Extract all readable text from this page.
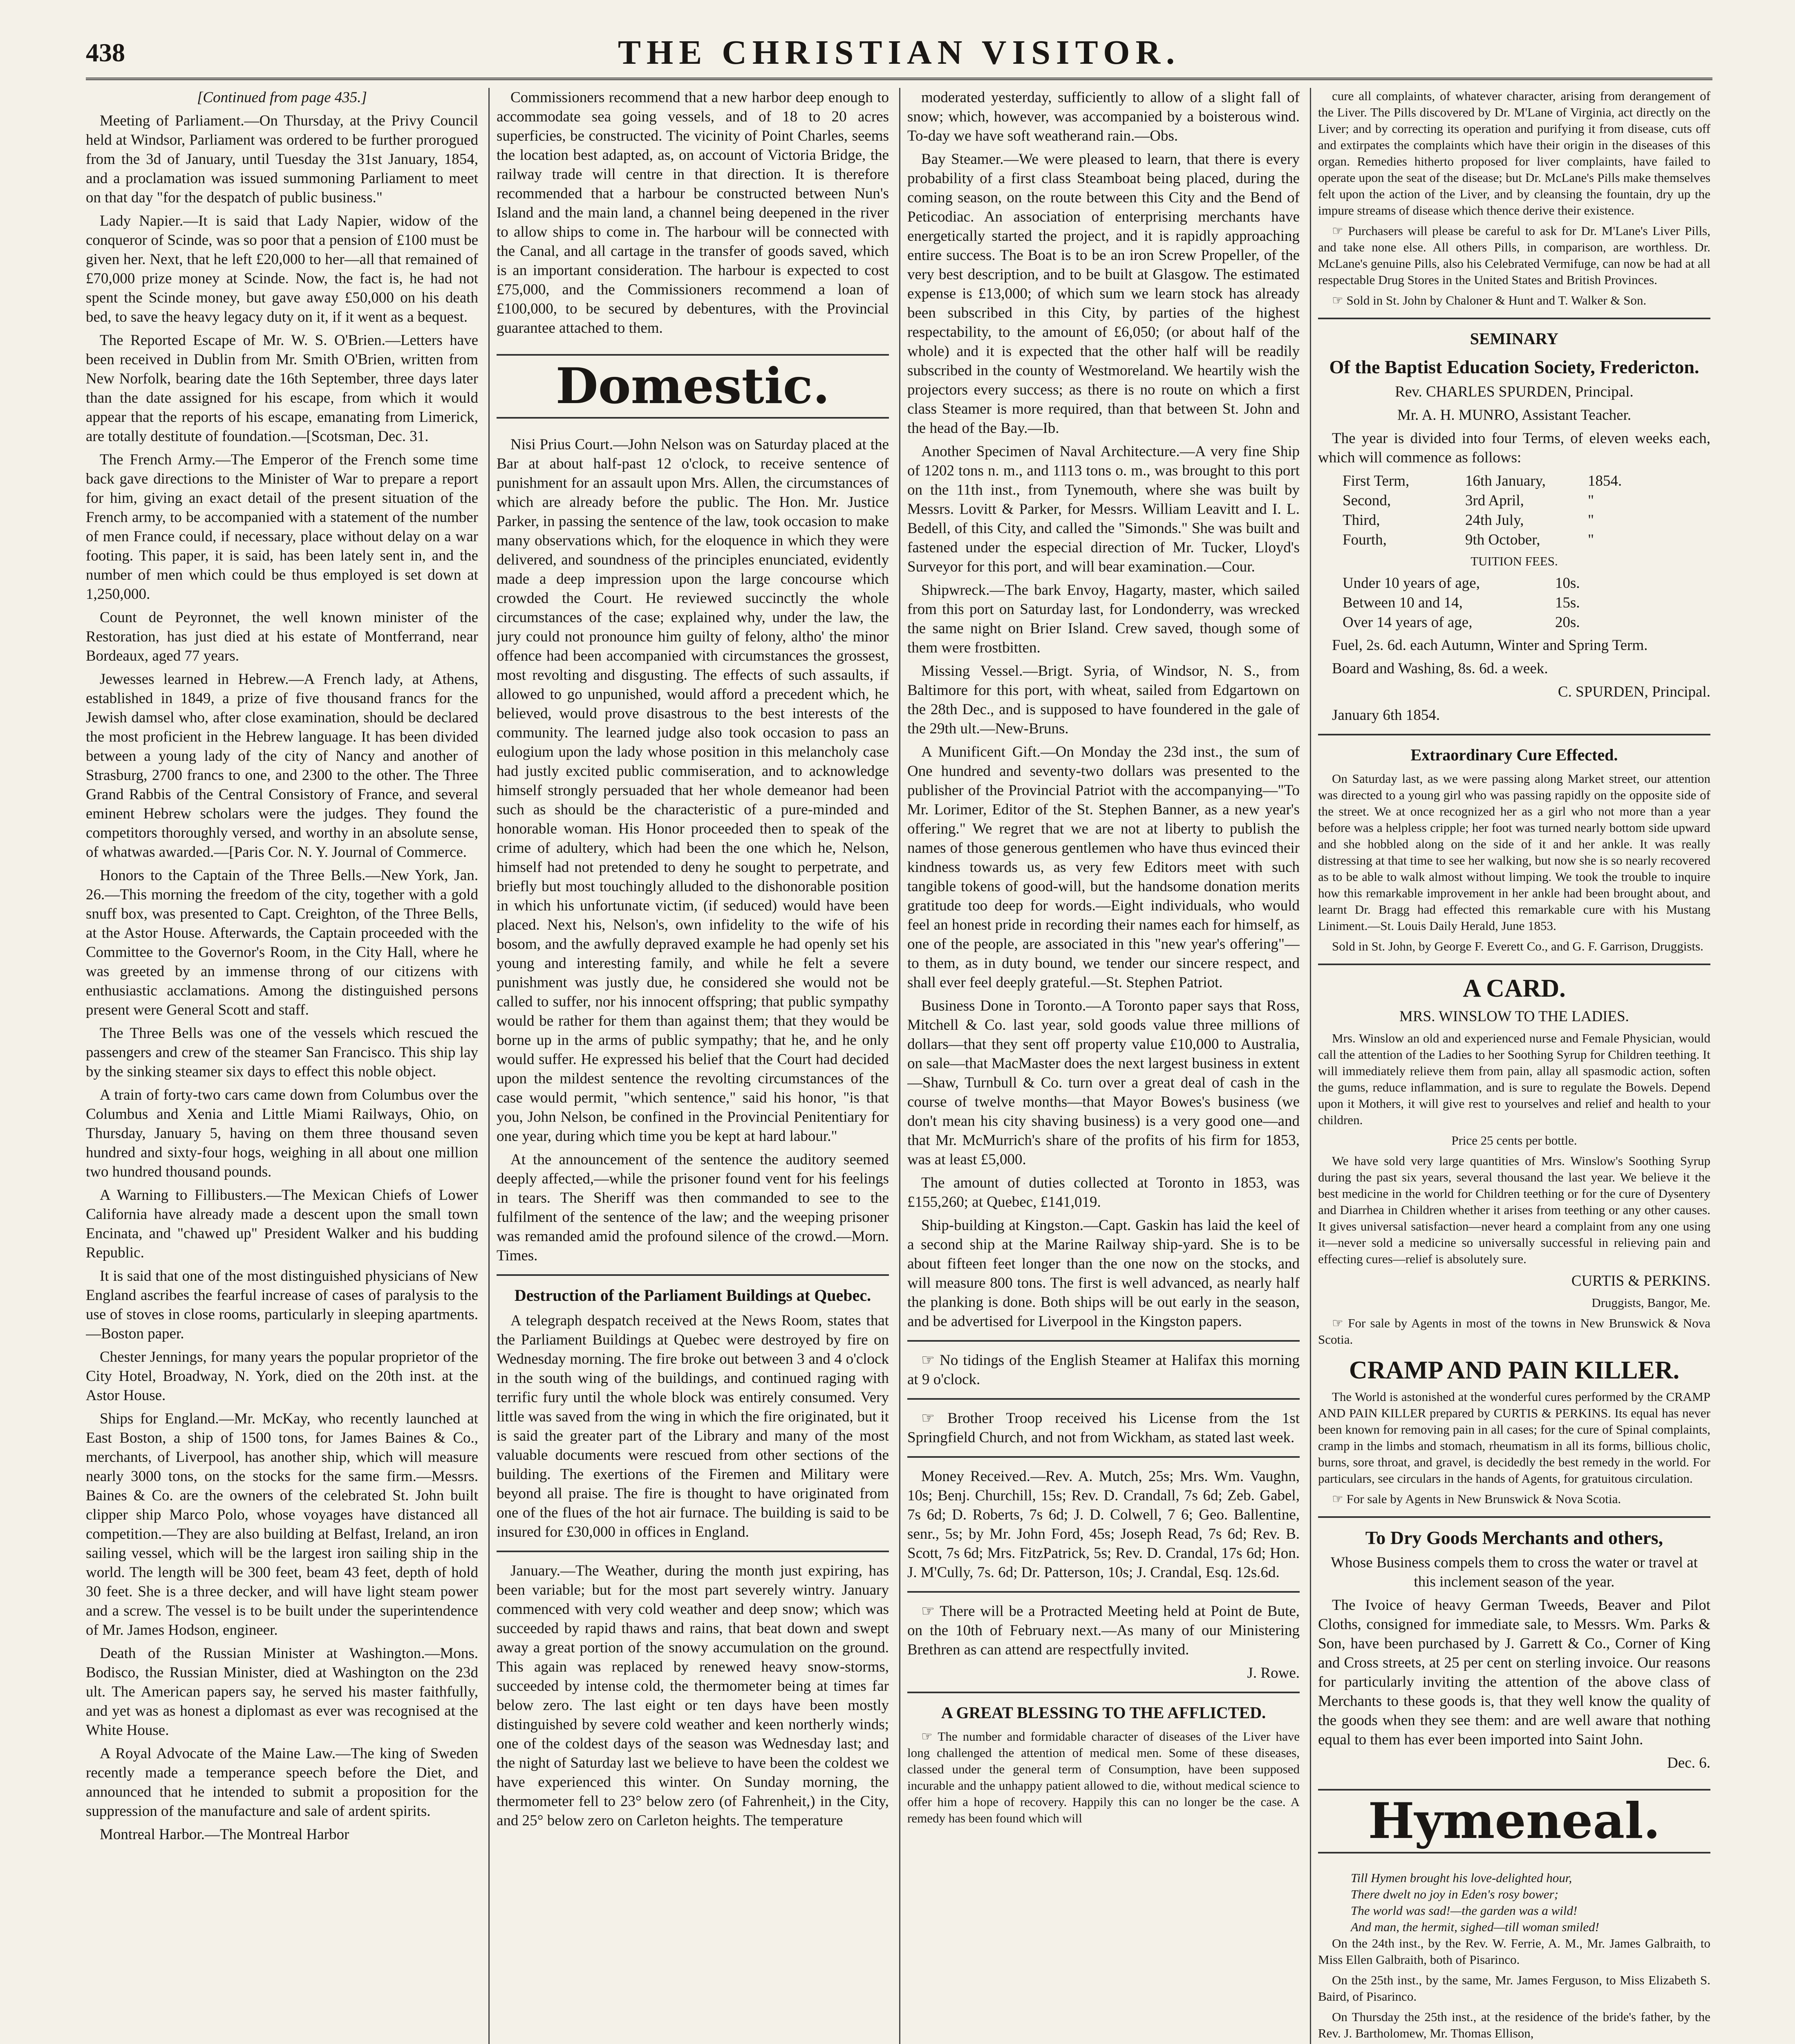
438	THE CHRISTIAN VISITOR.

[Continued from page 435.]

Meeting of Parliament.—On Thursday, at the Privy Council held at Windsor, Parliament was ordered to be further prorogued from the 3d of January, until Tuesday the 31st January, 1854, and a proclamation was issued summoning Parliament to meet on that day "for the despatch of public business."

Lady Napier.—It is said that Lady Napier, widow of the conqueror of Scinde, was so poor that a pension of £100 must be given her. Next, that he left £20,000 to her—all that remained of £70,000 prize money at Scinde. Now, the fact is, he had not spent the Scinde money, but gave away £50,000 on his death bed, to save the heavy legacy duty on it, if it went as a bequest.

The Reported Escape of Mr. W. S. O'Brien.—Letters have been received in Dublin from Mr. Smith O'Brien, written from New Norfolk, bearing date the 16th September, three days later than the date assigned for his escape, from which it would appear that the reports of his escape, emanating from Limerick, are totally destitute of foundation.—[Scotsman, Dec. 31.

The French Army.—The Emperor of the French some time back gave directions to the Minister of War to prepare a report for him, giving an exact detail of the present situation of the French army, to be accompanied with a statement of the number of men France could, if necessary, place without delay on a war footing. This paper, it is said, has been lately sent in, and the number of men which could be thus employed is set down at 1,250,000.

Count de Peyronnet, the well known minister of the Restoration, has just died at his estate of Montferrand, near Bordeaux, aged 77 years.

Jewesses learned in Hebrew.—A French lady, at Athens, established in 1849, a prize of five thousand francs for the Jewish damsel who, after close examination, should be declared the most proficient in the Hebrew language. It has been divided between a young lady of the city of Nancy and another of Strasburg, 2700 francs to one, and 2300 to the other. The Three Grand Rabbis of the Central Consistory of France, and several eminent Hebrew scholars were the judges. They found the competitors thoroughly versed, and worthy in an absolute sense, of whatwas awarded.—[Paris Cor. N. Y. Journal of Commerce.

Honors to the Captain of the Three Bells.—New York, Jan. 26.—This morning the freedom of the city, together with a gold snuff box, was presented to Capt. Creighton, of the Three Bells, at the Astor House. Afterwards, the Captain proceeded with the Committee to the Governor's Room, in the City Hall, where he was greeted by an immense throng of our citizens with enthusiastic acclamations. Among the distinguished persons present were General Scott and staff.

The Three Bells was one of the vessels which rescued the passengers and crew of the steamer San Francisco. This ship lay by the sinking steamer six days to effect this noble object.

A train of forty-two cars came down from Columbus over the Columbus and Xenia and Little Miami Railways, Ohio, on Thursday, January 5, having on them three thousand seven hundred and sixty-four hogs, weighing in all about one million two hundred thousand pounds.

A Warning to Fillibusters.—The Mexican Chiefs of Lower California have already made a descent upon the small town Encinata, and "chawed up" President Walker and his budding Republic.

It is said that one of the most distinguished physicians of New England ascribes the fearful increase of cases of paralysis to the use of stoves in close rooms, particularly in sleeping apartments.—Boston paper.

Chester Jennings, for many years the popular proprietor of the City Hotel, Broadway, N. York, died on the 20th inst. at the Astor House.

Ships for England.—Mr. McKay, who recently launched at East Boston, a ship of 1500 tons, for James Baines & Co., merchants, of Liverpool, has another ship, which will measure nearly 3000 tons, on the stocks for the same firm.—Messrs. Baines & Co. are the owners of the celebrated St. John built clipper ship Marco Polo, whose voyages have distanced all competition.—They are also building at Belfast, Ireland, an iron sailing vessel, which will be the largest iron sailing ship in the world. The length will be 300 feet, beam 43 feet, depth of hold 30 feet. She is a three decker, and will have light steam power and a screw. The vessel is to be built under the superintendence of Mr. James Hodson, engineer.

Death of the Russian Minister at Washington.—Mons. Bodisco, the Russian Minister, died at Washington on the 23d ult. The American papers say, he served his master faithfully, and yet was as honest a diplomast as ever was recognised at the White House.

A Royal Advocate of the Maine Law.—The king of Sweden recently made a temperance speech before the Diet, and announced that he intended to submit a proposition for the suppression of the manufacture and sale of ardent spirits.

Montreal Harbor.—The Montreal Harbor

Commissioners recommend that a new harbor deep enough to accommodate sea going vessels, and of 18 to 20 acres superficies, be constructed. The vicinity of Point Charles, seems the location best adapted, as, on account of Victoria Bridge, the railway trade will centre in that direction. It is therefore recommended that a harbour be constructed between Nun's Island and the main land, a channel being deepened in the river to allow ships to come in. The harbour will be connected with the Canal, and all cartage in the transfer of goods saved, which is an important consideration. The harbour is expected to cost £75,000, and the Commissioners recommend a loan of £100,000, to be secured by debentures, with the Provincial guarantee attached to them.

Domestic.

Nisi Prius Court.—John Nelson was on Saturday placed at the Bar at about half-past 12 o'clock, to receive sentence of punishment for an assault upon Mrs. Allen, the circumstances of which are already before the public. The Hon. Mr. Justice Parker, in passing the sentence of the law, took occasion to make many observations which, for the eloquence in which they were delivered, and soundness of the principles enunciated, evidently made a deep impression upon the large concourse which crowded the Court. He reviewed succinctly the whole circumstances of the case; explained why, under the law, the jury could not pronounce him guilty of felony, altho' the minor offence had been accompanied with circumstances the grossest, most revolting and disgusting. The effects of such assaults, if allowed to go unpunished, would afford a precedent which, he believed, would prove disastrous to the best interests of the community. The learned judge also took occasion to pass an eulogium upon the lady whose position in this melancholy case had justly excited public commiseration, and to acknowledge himself strongly persuaded that her whole demeanor had been such as should be the characteristic of a pure-minded and honorable woman. His Honor proceeded then to speak of the crime of adultery, which had been the one which he, Nelson, himself had not pretended to deny he sought to perpetrate, and briefly but most touchingly alluded to the dishonorable position in which his unfortunate victim, (if seduced) would have been placed. Next his, Nelson's, own infidelity to the wife of his bosom, and the awfully depraved example he had openly set his young and interesting family, and while he felt a severe punishment was justly due, he considered she would not be called to suffer, nor his innocent offspring; that public sympathy would be rather for them than against them; that they would be borne up in the arms of public sympathy; that he, and he only would suffer. He expressed his belief that the Court had decided upon the mildest sentence the revolting circumstances of the case would permit, "which sentence," said his honor, "is that you, John Nelson, be confined in the Provincial Penitentiary for one year, during which time you be kept at hard labour."

At the announcement of the sentence the auditory seemed deeply affected,—while the prisoner found vent for his feelings in tears. The Sheriff was then commanded to see to the fulfilment of the sentence of the law; and the weeping prisoner was remanded amid the profound silence of the crowd.—Morn. Times.

Destruction of the Parliament Buildings at Quebec.

A telegraph despatch received at the News Room, states that the Parliament Buildings at Quebec were destroyed by fire on Wednesday morning. The fire broke out between 3 and 4 o'clock in the south wing of the buildings, and continued raging with terrific fury until the whole block was entirely consumed. Very little was saved from the wing in which the fire originated, but it is said the greater part of the Library and many of the most valuable documents were rescued from other sections of the building. The exertions of the Firemen and Military were beyond all praise. The fire is thought to have originated from one of the flues of the hot air furnace. The building is said to be insured for £30,000 in offices in England.

January.—The Weather, during the month just expiring, has been variable; but for the most part severely wintry. January commenced with very cold weather and deep snow; which was succeeded by rapid thaws and rains, that beat down and swept away a great portion of the snowy accumulation on the ground. This again was replaced by renewed heavy snow-storms, succeeded by intense cold, the thermometer being at times far below zero. The last eight or ten days have been mostly distinguished by severe cold weather and keen northerly winds; one of the coldest days of the season was Wednesday last; and the night of Saturday last we believe to have been the coldest we have experienced this winter. On Sunday morning, the thermometer fell to 23° below zero (of Fahrenheit,) in the City, and 25° below zero on Carleton heights. The temperature

moderated yesterday, sufficiently to allow of a slight fall of snow; which, however, was accompanied by a boisterous wind. To-day we have soft weatherand rain.—Obs.

Bay Steamer.—We were pleased to learn, that there is every probability of a first class Steamboat being placed, during the coming season, on the route between this City and the Bend of Peticodiac. An association of enterprising merchants have energetically started the project, and it is rapidly approaching entire success. The Boat is to be an iron Screw Propeller, of the very best description, and to be built at Glasgow. The estimated expense is £13,000; of which sum we learn stock has already been subscribed in this City, by parties of the highest respectability, to the amount of £6,050; (or about half of the whole) and it is expected that the other half will be readily subscribed in the county of Westmoreland. We heartily wish the projectors every success; as there is no route on which a first class Steamer is more required, than that between St. John and the head of the Bay.—Ib.

Another Specimen of Naval Architecture.—A very fine Ship of 1202 tons n. m., and 1113 tons o. m., was brought to this port on the 11th inst., from Tynemouth, where she was built by Messrs. Lovitt & Parker, for Messrs. William Leavitt and I. L. Bedell, of this City, and called the "Simonds." She was built and fastened under the especial direction of Mr. Tucker, Lloyd's Surveyor for this port, and will bear examination.—Cour.

Shipwreck.—The bark Envoy, Hagarty, master, which sailed from this port on Saturday last, for Londonderry, was wrecked the same night on Brier Island. Crew saved, though some of them were frostbitten.

Missing Vessel.—Brigt. Syria, of Windsor, N. S., from Baltimore for this port, with wheat, sailed from Edgartown on the 28th Dec., and is supposed to have foundered in the gale of the 29th ult.—New-Bruns.

A Munificent Gift.—On Monday the 23d inst., the sum of One hundred and seventy-two dollars was presented to the publisher of the Provincial Patriot with the accompanying—"To Mr. Lorimer, Editor of the St. Stephen Banner, as a new year's offering." We regret that we are not at liberty to publish the names of those generous gentlemen who have thus evinced their kindness towards us, as very few Editors meet with such tangible tokens of good-will, but the handsome donation merits gratitude too deep for words.—Eight individuals, who would feel an honest pride in recording their names each for himself, as one of the people, are associated in this "new year's offering"—to them, as in duty bound, we tender our sincere respect, and shall ever feel deeply grateful.—St. Stephen Patriot.

Business Done in Toronto.—A Toronto paper says that Ross, Mitchell & Co. last year, sold goods value three millions of dollars—that they sent off property value £10,000 to Australia, on sale—that MacMaster does the next largest business in extent—Shaw, Turnbull & Co. turn over a great deal of cash in the course of twelve months—that Mayor Bowes's business (we don't mean his city shaving business) is a very good one—and that Mr. McMurrich's share of the profits of his firm for 1853, was at least £5,000.

The amount of duties collected at Toronto in 1853, was £155,260; at Quebec, £141,019.

Ship-building at Kingston.—Capt. Gaskin has laid the keel of a second ship at the Marine Railway ship-yard. She is to be about fifteen feet longer than the one now on the stocks, and will measure 800 tons. The first is well advanced, as nearly half the planking is done. Both ships will be out early in the season, and be advertised for Liverpool in the Kingston papers.

☞ No tidings of the English Steamer at Halifax this morning at 9 o'clock.

☞ Brother Troop received his License from the 1st Springfield Church, and not from Wickham, as stated last week.

Money Received.—Rev. A. Mutch, 25s; Mrs. Wm. Vaughn, 10s; Benj. Churchill, 15s; Rev. D. Crandall, 7s 6d; Zeb. Gabel, 7s 6d; D. Roberts, 7s 6d; J. D. Colwell, 7 6; Geo. Ballentine, senr., 5s; by Mr. John Ford, 45s; Joseph Read, 7s 6d; Rev. B. Scott, 7s 6d; Mrs. FitzPatrick, 5s; Rev. D. Crandal, 17s 6d; Hon. J. M'Cully, 7s. 6d; Dr. Patterson, 10s; J. Crandal, Esq. 12s.6d.

☞ There will be a Protracted Meeting held at Point de Bute, on the 10th of February next.—As many of our Ministering Brethren as can attend are respectfully invited.

J. Rowe.

A GREAT BLESSING TO THE AFFLICTED.

☞ The number and formidable character of diseases of the Liver have long challenged the attention of medical men. Some of these diseases, classed under the general term of Consumption, have been supposed incurable and the unhappy patient allowed to die, without medical science to offer him a hope of recovery. Happily this can no longer be the case. A remedy has been found which will

cure all complaints, of whatever character, arising from derangement of the Liver. The Pills discovered by Dr. M'Lane of Virginia, act directly on the Liver; and by correcting its operation and purifying it from disease, cuts off and extirpates the complaints which have their origin in the diseases of this organ. Remedies hitherto proposed for liver complaints, have failed to operate upon the seat of the disease; but Dr. McLane's Pills make themselves felt upon the action of the Liver, and by cleansing the fountain, dry up the impure streams of disease which thence derive their existence.

☞ Purchasers will please be careful to ask for Dr. M'Lane's Liver Pills, and take none else. All others Pills, in comparison, are worthless. Dr. McLane's genuine Pills, also his Celebrated Vermifuge, can now be had at all respectable Drug Stores in the United States and British Provinces.

☞ Sold in St. John by Chaloner & Hunt and T. Walker & Son.

SEMINARY
Of the Baptist Education Society, Fredericton.

Rev. CHARLES SPURDEN, Principal.

Mr. A. H. MUNRO, Assistant Teacher.

The year is divided into four Terms, of eleven weeks each, which will commence as follows:

First Term,	16th January,	1854.
Second,	3rd April,	"
Third,	24th July,	"
Fourth,	9th October,	"

TUITION FEES.

Under 10 years of age,	10s.
Between 10 and 14,	15s.
Over 14 years of age,	20s.

Fuel, 2s. 6d. each Autumn, Winter and Spring Term.

Board and Washing, 8s. 6d. a week.

C. SPURDEN, Principal.

January 6th 1854.

Extraordinary Cure Effected.

On Saturday last, as we were passing along Market street, our attention was directed to a young girl who was passing rapidly on the opposite side of the street. We at once recognized her as a girl who not more than a year before was a helpless cripple; her foot was turned nearly bottom side upward and she hobbled along on the side of it and her ankle. It was really distressing at that time to see her walking, but now she is so nearly recovered as to be able to walk almost without limping. We took the trouble to inquire how this remarkable improvement in her ankle had been brought about, and learnt Dr. Bragg had effected this remarkable cure with his Mustang Liniment.—St. Louis Daily Herald, June 1853.

Sold in St. John, by George F. Everett Co., and G. F. Garrison, Druggists.

A CARD.

MRS. WINSLOW TO THE LADIES.

Mrs. Winslow an old and experienced nurse and Female Physician, would call the attention of the Ladies to her Soothing Syrup for Children teething. It will immediately relieve them from pain, allay all spasmodic action, soften the gums, reduce inflammation, and is sure to regulate the Bowels. Depend upon it Mothers, it will give rest to yourselves and relief and health to your children.

Price 25 cents per bottle.

We have sold very large quantities of Mrs. Winslow's Soothing Syrup during the past six years, several thousand the last year. We believe it the best medicine in the world for Children teething or for the cure of Dysentery and Diarrhea in Children whether it arises from teething or any other causes. It gives universal satisfaction—never heard a complaint from any one using it—never sold a medicine so universally successful in relieving pain and effecting cures—relief is absolutely sure.

CURTIS & PERKINS.

Druggists, Bangor, Me.

☞ For sale by Agents in most of the towns in New Brunswick & Nova Scotia.

CRAMP AND PAIN KILLER.

The World is astonished at the wonderful cures performed by the CRAMP AND PAIN KILLER prepared by CURTIS & PERKINS. Its equal has never been known for removing pain in all cases; for the cure of Spinal complaints, cramp in the limbs and stomach, rheumatism in all its forms, billious cholic, burns, sore throat, and gravel, is decidedly the best remedy in the world. For particulars, see circulars in the hands of Agents, for gratuitous circulation.

☞ For sale by Agents in New Brunswick & Nova Scotia.

To Dry Goods Merchants and others,

Whose Business compels them to cross the water or travel at this inclement season of the year.

The Ivoice of heavy German Tweeds, Beaver and Pilot Cloths, consigned for immediate sale, to Messrs. Wm. Parks & Son, have been purchased by J. Garrett & Co., Corner of King and Cross streets, at 25 per cent on sterling invoice. Our reasons for particularly inviting the attention of the above class of Merchants to these goods is, that they well know the quality of the goods when they see them: and are well aware that nothing equal to them has ever been imported into Saint John.

Dec. 6.

Hymeneal.
Till Hymen brought his love-delighted hour,
There dwelt no joy in Eden's rosy bower;
The world was sad!—the garden was a wild!
And man, the hermit, sighed—till woman smiled!

On the 24th inst., by the Rev. W. Ferrie, A. M., Mr. James Galbraith, to Miss Ellen Galbraith, both of Pisarinco.

On the 25th inst., by the same, Mr. James Ferguson, to Miss Elizabeth S. Baird, of Pisarinco.

On Thursday the 25th inst., at the residence of the bride's father, by the Rev. J. Bartholomew, Mr. Thomas Ellison,
